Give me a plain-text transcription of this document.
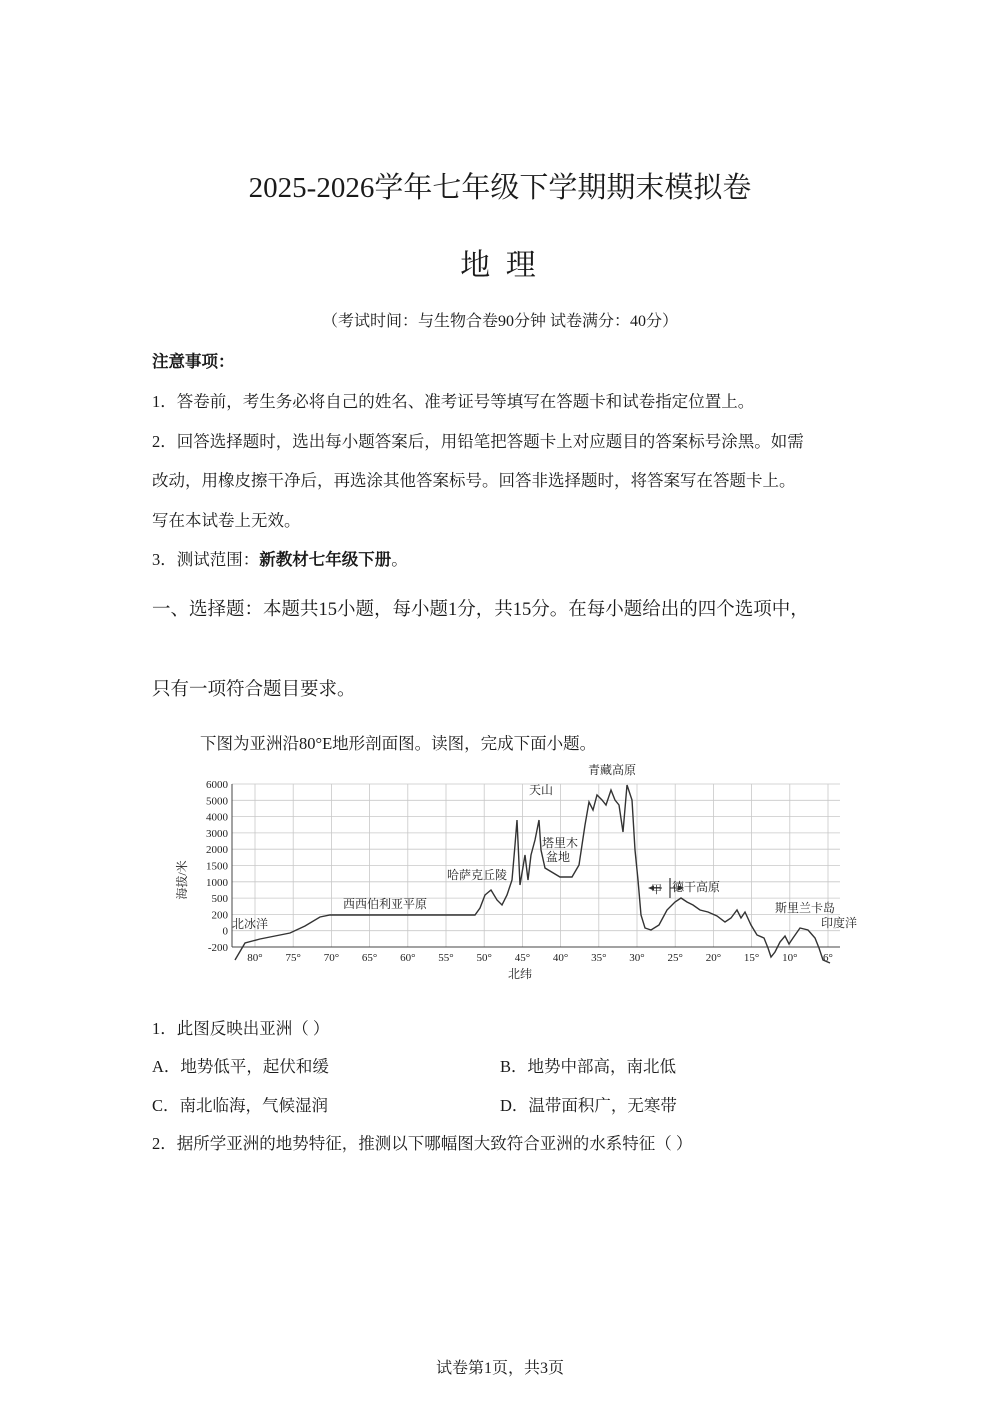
2025-2026学年七年级下学期期末模拟卷
地 理
（考试时间：与生物合卷90分钟 试卷满分：40分）
注意事项：
1．答卷前，考生务必将自己的姓名、准考证号等填写在答题卡和试卷指定位置上。
2．回答选择题时，选出每小题答案后，用铅笔把答题卡上对应题目的答案标号涂黑。如需
改动，用橡皮擦干净后，再选涂其他答案标号。回答非选择题时，将答案写在答题卡上。
写在本试卷上无效。
3．测试范围：新教材七年级下册。
一、选择题：本题共15小题，每小题1分，共15分。在每小题给出的四个选项中，
只有一项符合题目要求。
下图为亚洲沿80°E地形剖面图。读图，完成下面小题。
6000
5000
4000
3000
2000
1500
1000
500
200
0
-200
80° 75° 70° 65° 60° 55° 50° 45° 40° 35° 30° 25° 20° 15° 10° 6°
海拔/米
北纬
北冰洋
西西伯利亚平原
哈萨克丘陵
天山
塔里木
盆地
青藏高原
甲 德干高原
斯里兰卡岛
印度洋
1．此图反映出亚洲（ ）
A．地势低平，起伏和缓	B．地势中部高，南北低
C．南北临海，气候湿润	D．温带面积广，无寒带
2．据所学亚洲的地势特征，推测以下哪幅图大致符合亚洲的水系特征（ ）
试卷第1页，共3页
